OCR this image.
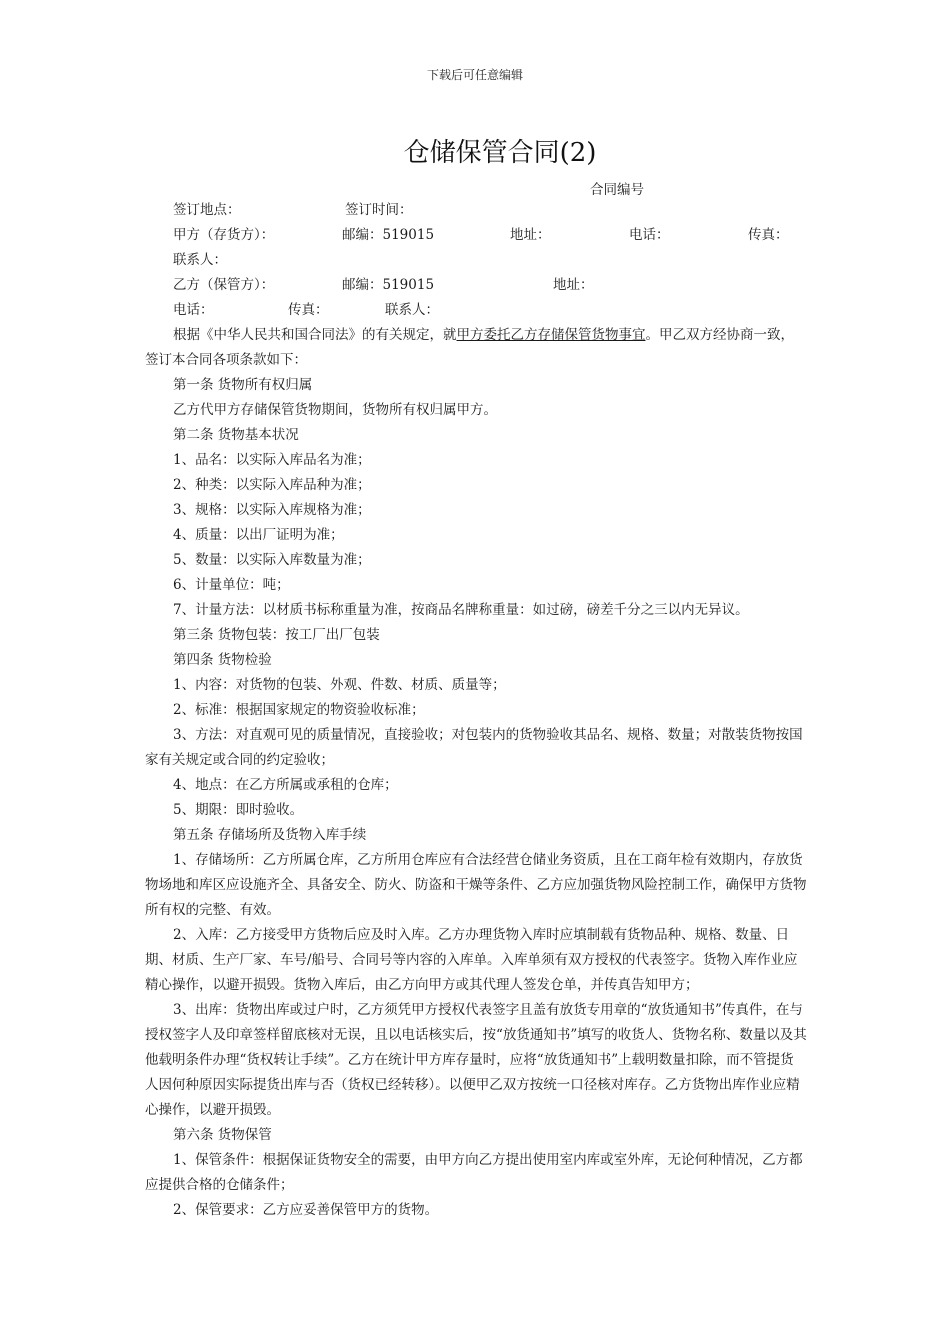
下载后可任意编辑
仓储保管合同(2)
合同编号
签订地点：	签订时间：
甲方（存货方）：	邮编：519015	地址：	电话：	传真：
联系人：
乙方（保管方）：	邮编：519015	地址：
电话：	传真：	联系人：

根据《中华人民共和国合同法》的有关规定，就甲方委托乙方存储保管货物事宜。甲乙双方经协商一致，签订本合同各项条款如下：

第一条 货物所有权归属

乙方代甲方存储保管货物期间，货物所有权归属甲方。

第二条 货物基本状况

1、品名：以实际入库品名为准；

2、种类：以实际入库品种为准；

3、规格：以实际入库规格为准；

4、质量：以出厂证明为准；

5、数量：以实际入库数量为准；

6、计量单位：吨；

7、计量方法：以材质书标称重量为准，按商品名牌称重量：如过磅，磅差千分之三以内无异议。

第三条 货物包装：按工厂出厂包装

第四条 货物检验

1、内容：对货物的包装、外观、件数、材质、质量等；

2、标准：根据国家规定的物资验收标准；

3、方法：对直观可见的质量情况，直接验收；对包装内的货物验收其品名、规格、数量；对散装货物按国家有关规定或合同的约定验收；

4、地点：在乙方所属或承租的仓库；

5、期限：即时验收。

第五条 存储场所及货物入库手续

1、存储场所：乙方所属仓库，乙方所用仓库应有合法经营仓储业务资质，且在工商年检有效期内，存放货物场地和库区应设施齐全、具备安全、防火、防盗和干燥等条件、乙方应加强货物风险控制工作，确保甲方货物所有权的完整、有效。

2、入库：乙方接受甲方货物后应及时入库。乙方办理货物入库时应填制载有货物品种、规格、数量、日期、材质、生产厂家、车号/船号、合同号等内容的入库单。入库单须有双方授权的代表签字。货物入库作业应精心操作，以避开损毁。货物入库后，由乙方向甲方或其代理人签发仓单，并传真告知甲方；

3、出库：货物出库或过户时，乙方须凭甲方授权代表签字且盖有放货专用章的“放货通知书”传真件，在与授权签字人及印章签样留底核对无误，且以电话核实后，按“放货通知书”填写的收货人、货物名称、数量以及其他载明条件办理“货权转让手续”。乙方在统计甲方库存量时，应将“放货通知书”上载明数量扣除，而不管提货人因何种原因实际提货出库与否（货权已经转移）。以便甲乙双方按统一口径核对库存。乙方货物出库作业应精心操作，以避开损毁。

第六条 货物保管

1、保管条件：根据保证货物安全的需要，由甲方向乙方提出使用室内库或室外库，无论何种情况，乙方都应提供合格的仓储条件；

2、保管要求：乙方应妥善保管甲方的货物。
